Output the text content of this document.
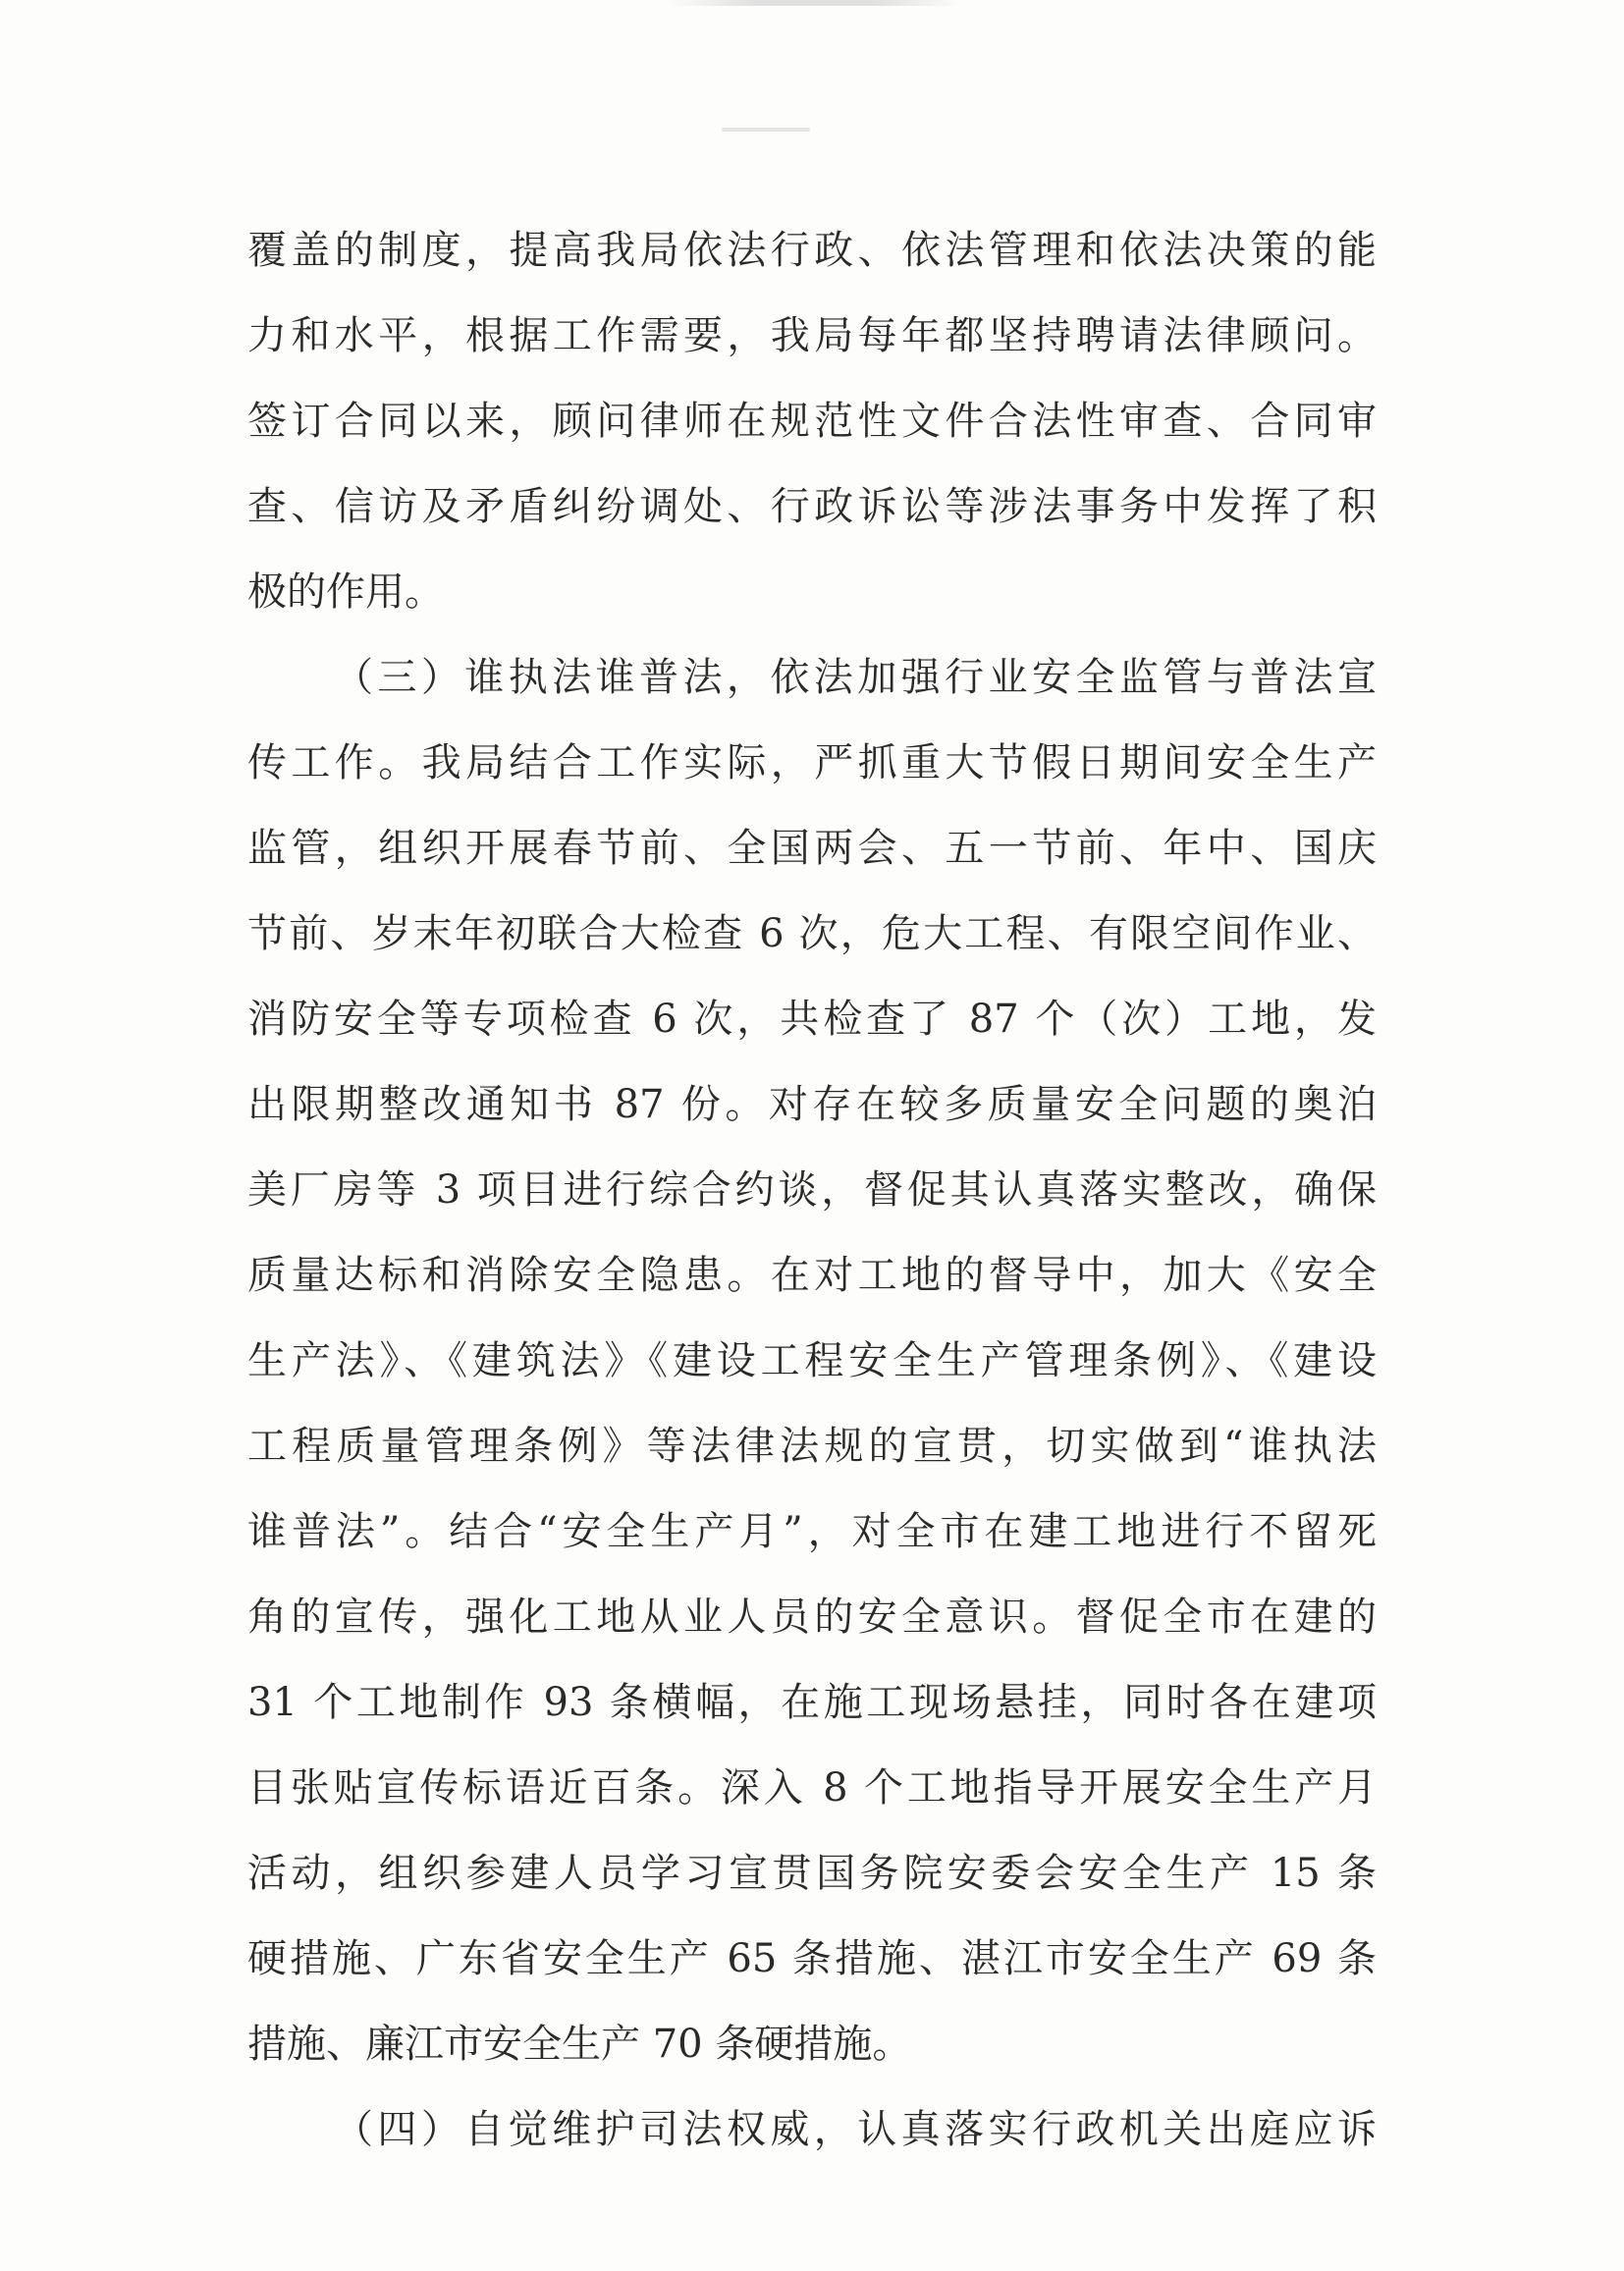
覆盖的制度，提高我局依法行政、依法管理和依法决策的能
力和水平，根据工作需要，我局每年都坚持聘请法律顾问。
签订合同以来，顾问律师在规范性文件合法性审查、合同审
查、信访及矛盾纠纷调处、行政诉讼等涉法事务中发挥了积
极的作用。
（三）谁执法谁普法，依法加强行业安全监管与普法宣
传工作。我局结合工作实际，严抓重大节假日期间安全生产
监管，组织开展春节前、全国两会、五一节前、年中、国庆
节前、岁末年初联合大检查 6 次，危大工程、有限空间作业、
消防安全等专项检查 6 次，共检查了 87 个（次）工地，发
出限期整改通知书 87 份。对存在较多质量安全问题的奥泊
美厂房等 3 项目进行综合约谈，督促其认真落实整改，确保
质量达标和消除安全隐患。在对工地的督导中，加大《安全
生产法》、《建筑法》《建设工程安全生产管理条例》、《建设
工程质量管理条例》等法律法规的宣贯，切实做到“谁执法
谁普法”。结合“安全生产月”，对全市在建工地进行不留死
角的宣传，强化工地从业人员的安全意识。督促全市在建的
31 个工地制作 93 条横幅，在施工现场悬挂，同时各在建项
目张贴宣传标语近百条。深入 8 个工地指导开展安全生产月
活动，组织参建人员学习宣贯国务院安委会安全生产 15 条
硬措施、广东省安全生产 65 条措施、湛江市安全生产 69 条
措施、廉江市安全生产 70 条硬措施。
（四）自觉维护司法权威，认真落实行政机关出庭应诉
